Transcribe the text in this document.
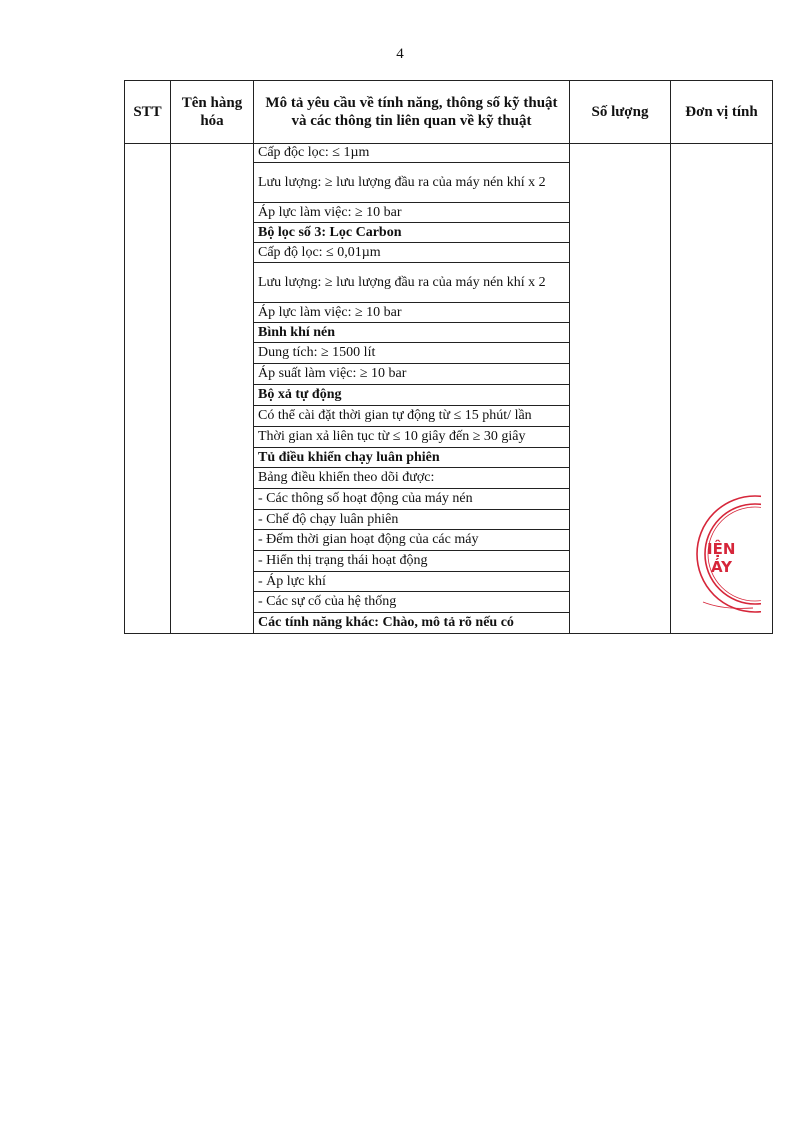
4
STT	Tên hàng hóa	Mô tả yêu cầu về tính năng, thông số kỹ thuật và các thông tin liên quan về kỹ thuật	Số lượng	Đơn vị tính
		Cấp độc lọc: ≤ 1µm		
		Lưu lượng: ≥ lưu lượng đầu ra của máy nén khí x 2		
		Áp lực làm việc: ≥ 10 bar		
		Bộ lọc số 3: Lọc Carbon		
		Cấp độ lọc: ≤ 0,01µm		
		Lưu lượng: ≥ lưu lượng đầu ra của máy nén khí x 2		
		Áp lực làm việc: ≥ 10 bar		
		Bình khí nén		
		Dung tích: ≥ 1500 lít		
		Áp suất làm việc: ≥ 10 bar		
		Bộ xả tự động		
		Có thể cài đặt thời gian tự động từ ≤ 15 phút/ lần		
		Thời gian xả liên tục từ ≤ 10 giây đến ≥ 30 giây		
		Tủ điều khiển chạy luân phiên		
		Bảng điều khiển theo dõi được:		
		- Các thông số hoạt động của máy nén		
		- Chế độ chạy luân phiên		
		- Đếm thời gian hoạt động của các máy		
		- Hiển thị trạng thái hoạt động		
		- Áp lực khí		
		- Các sự cố của hệ thống		
		Các tính năng khác: Chào, mô tả rõ nếu có		
IỆN
ÁY
